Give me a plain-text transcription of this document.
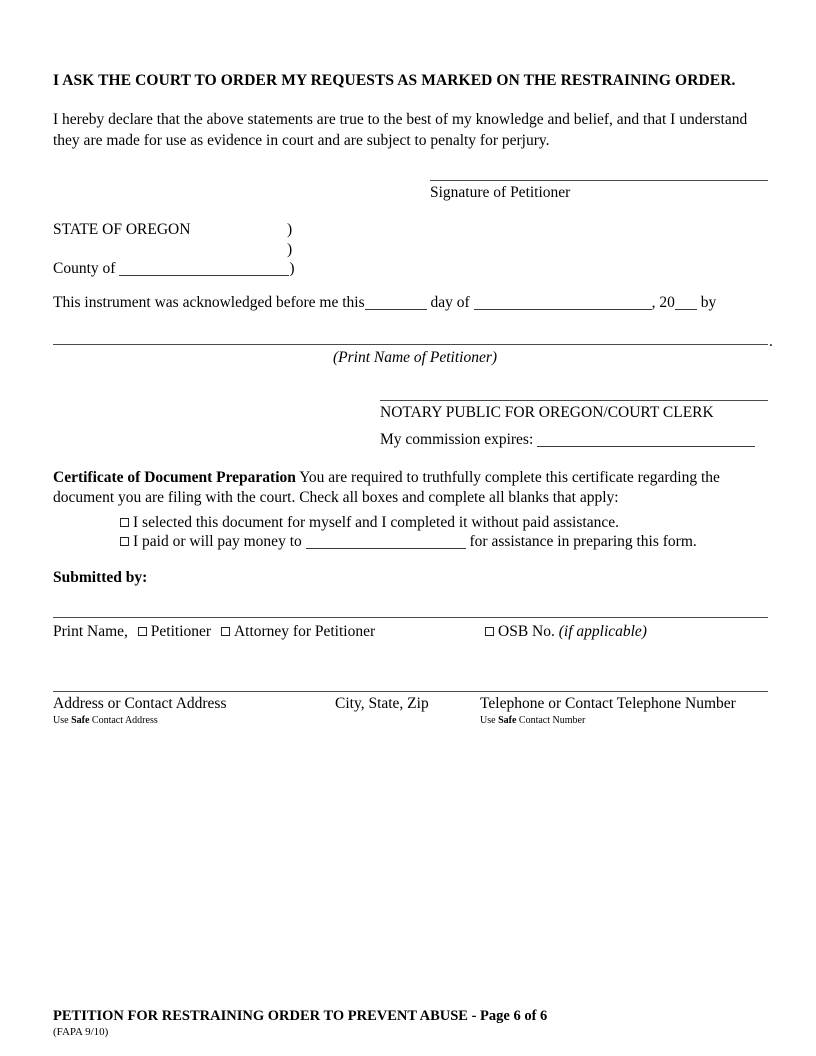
I ASK THE COURT TO ORDER MY REQUESTS AS MARKED ON THE RESTRAINING ORDER.
I hereby declare that the above statements are true to the best of my knowledge and belief, and that I understand they are made for use as evidence in court and are subject to penalty for perjury.
Signature of Petitioner
STATE OF OREGON	)
)
County of	)
This instrument was acknowledged before me this	day of	, 20 by
.
(Print Name of Petitioner)
NOTARY PUBLIC FOR OREGON/COURT CLERK
My commission expires:
Certificate of Document Preparation You are required to truthfully complete this certificate regarding the
document you are filing with the court. Check all boxes and complete all blanks that apply:
I selected this document for myself and I completed it without paid assistance.
I paid or will pay money to	for assistance in preparing this form.
Submitted by:
Print Name, Petitioner Attorney for Petitioner	OSB No. (if applicable)
Address or Contact Address
Use Safe Contact Address
City, State, Zip	Telephone or Contact Telephone Number
Use Safe Contact Number
PETITION FOR RESTRAINING ORDER TO PREVENT ABUSE - Page 6 of 6
(FAPA 9/10)
